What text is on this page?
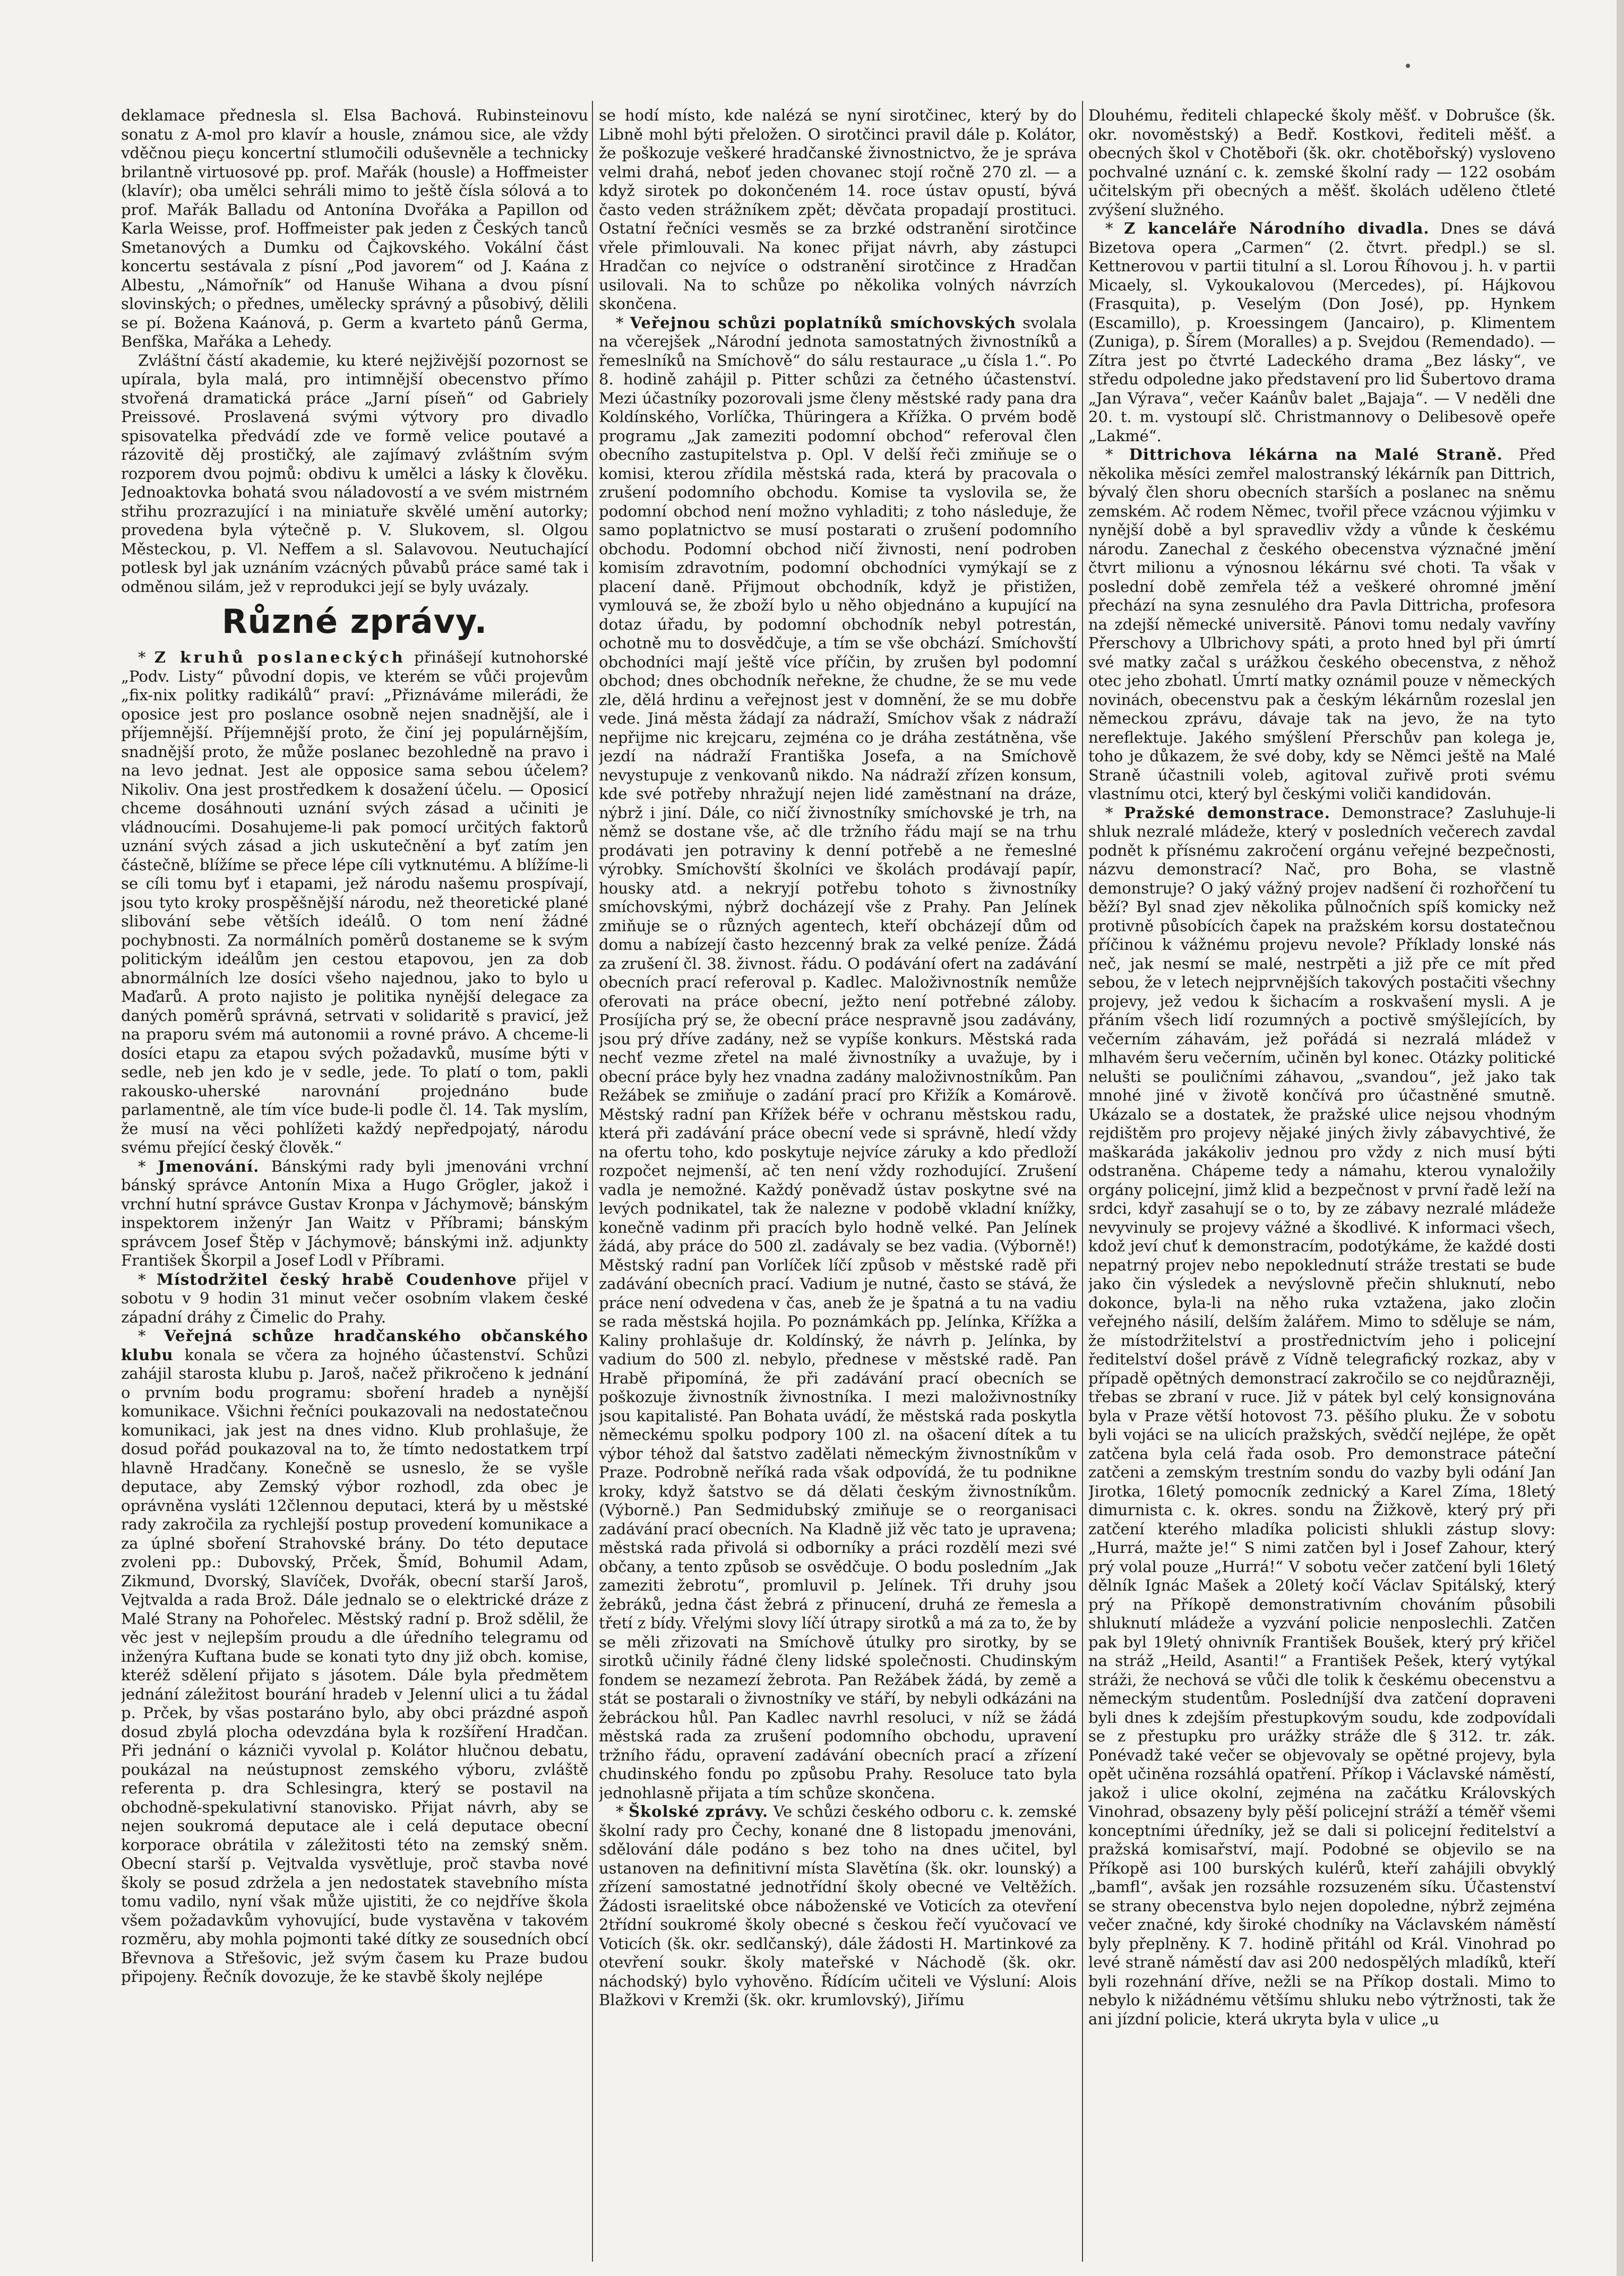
deklamace přednesla sl. Elsa Bachová. Rubinsteinovu sonatu z A-mol pro klavír a housle, známou sice, ale vždy vděčnou pieçu koncertní stlumočili oduševněle a technicky brilantně virtuosové pp. prof. Mařák (housle) a Hoffmeister (klavír); oba umělci sehráli mimo to ještě čísla sólová a to prof. Mařák Balladu od Antonína Dvořáka a Papillon od Karla Weisse, prof. Hoffmeister pak jeden z Českých tanců Smetanových a Dumku od Čajkovského. Vokální část koncertu sestávala z písní „Pod javorem“ od J. Kaána z Albestu, „Námořník“ od Hanuše Wihana a dvou písní slovinských; o přednes, umělecky správný a působivý, dělili se pí. Božena Kaánová, p. Germ a kvarteto pánů Germa, Benfška, Mařáka a Lehedy.

Zvláštní částí akademie, ku které nejživější pozornost se upírala, byla malá, pro intimnější obecenstvo přímo stvořená dramatická práce „Jarní píseň“ od Gabriely Preissové. Proslavená svými výtvory pro divadlo spisovatelka předvádí zde ve formě velice poutavé a rázovitě děj prostičký, ale zajímavý zvláštním svým rozporem dvou pojmů: obdivu k umělci a lásky k člověku. Jednoaktovka bohatá svou náladovostí a ve svém mistrném střihu prozrazující i na miniatuře skvělé umění autorky; provedena byla výtečně p. V. Slukovem, sl. Olgou Městeckou, p. Vl. Neffem a sl. Salavovou. Neutuchající potlesk byl jak uznáním vzácných půvabů práce samé tak i odměnou silám, jež v reprodukci její se byly uvázaly.

Různé zprávy.

* Z kruhů poslaneckých přinášejí kutnohorské „Podv. Listy“ původní dopis, ve kterém se vůči projevům „fix-nix politky radikálů“ praví: „Přiznáváme milerádi, že oposice jest pro poslance osobně nejen snadnější, ale i příjemnější. Příjemnější proto, že činí jej populárnějším, snadnější proto, že může poslanec bezohledně na pravo i na levo jednat. Jest ale opposice sama sebou účelem? Nikoliv. Ona jest prostředkem k dosažení účelu. — Oposicí chceme dosáhnouti uznání svých zásad a učiniti je vládnoucími. Dosahujeme-li pak pomocí určitých faktorů uznání svých zásad a jich uskutečnění a byť zatím jen částečně, blížíme se přece lépe cíli vytknutému. A blížíme-li se cíli tomu byť i etapami, jež národu našemu prospívají, jsou tyto kroky prospěšnější národu, než theoretické plané slibování sebe větších ideálů. O tom není žádné pochybnosti. Za normálních poměrů dostaneme se k svým politickým ideálům jen cestou etapovou, jen za dob abnormálních lze dosíci všeho najednou, jako to bylo u Maďarů. A proto najisto je politika nynější delegace za daných poměrů správná, setrvati v solidaritě s pravicí, jež na praporu svém má autonomii a rovné právo. A chceme-li dosíci etapu za etapou svých požadavků, musíme býti v sedle, neb jen kdo je v sedle, jede. To platí o tom, pakli rakousko-uherské narovnání projednáno bude parlamentně, ale tím více bude-li podle čl. 14. Tak myslím, že musí na věci pohlížeti každý nepředpojatý, národu svému přející český člověk.“

* Jmenování. Bánskými rady byli jmenováni vrchní bánský správce Antonín Mixa a Hugo Grögler, jakož i vrchní hutní správce Gustav Kronpa v Jáchymově; bánským inspektorem inženýr Jan Waitz v Příbrami; bánským správcem Josef Štěp v Jáchymově; bánskými inž. adjunkty František Škorpil a Josef Lodl v Příbrami.

* Místodržitel český hrabě Coudenhove přijel v sobotu v 9 hodin 31 minut večer osobním vlakem české západní dráhy z Čimelic do Prahy.

* Veřejná schůze hradčanského občanského klubu konala se včera za hojného účastenství. Schůzi zahájil starosta klubu p. Jaroš, načež přikročeno k jednání o prvním bodu programu: sboření hradeb a nynější komunikace. Všichni řečníci poukazovali na nedostatečnou komunikaci, jak jest na dnes vidno. Klub prohlašuje, že dosud pořád poukazoval na to, že tímto nedostatkem trpí hlavně Hradčany. Konečně se usneslo, že se vyšle deputace, aby Zemský výbor rozhodl, zda obec je oprávněna vysláti 12člennou deputaci, která by u městské rady zakročila za rychlejší postup provedení komunikace a za úplné sboření Strahovské brány. Do této deputace zvoleni pp.: Dubovský, Prček, Šmíd, Bohumil Adam, Zikmund, Dvorský, Slavíček, Dvořák, obecní starší Jaroš, Vejtvalda a rada Brož. Dále jednalo se o elektrické dráze z Malé Strany na Pohořelec. Městský radní p. Brož sdělil, že věc jest v nejlepším proudu a dle úředního telegramu od inženýra Kuftana bude se konati tyto dny již obch. komise, kteréž sdělení přijato s jásotem. Dále byla předmětem jednání záležitost bourání hradeb v Jelenní ulici a tu žádal p. Prček, by všas postaráno bylo, aby obci prázdné aspoň dosud zbylá plocha odevzdána byla k rozšíření Hradčan. Při jednání o kázniči vyvolal p. Kolátor hlučnou debatu, poukázal na neústupnost zemského výboru, zvláště referenta p. dra Schlesingra, který se postavil na obchodně-spekulativní stanovisko. Přijat návrh, aby se nejen soukromá deputace ale i celá deputace obecní korporace obrátila v záležitosti této na zemský sněm. Obecní starší p. Vejtvalda vysvětluje, proč stavba nové školy se posud zdržela a jen nedostatek stavebního místa tomu vadilo, nyní však může ujistiti, že co nejdříve škola všem požadavkům vyhovující, bude vystavěna v takovém rozměru, aby mohla pojmonti také dítky ze sousedních obcí Břevnova a Střešovic, jež svým časem ku Praze budou připojeny. Řečník dovozuje, že ke stavbě školy nejlépe

se hodí místo, kde nalézá se nyní sirotčinec, který by do Libně mohl býti přeložen. O sirotčinci pravil dále p. Kolátor, že poškozuje veškeré hradčanské živnostnictvo, že je správa velmi drahá, neboť jeden chovanec stojí ročně 270 zl. — a když sirotek po dokončeném 14. roce ústav opustí, bývá často veden strážníkem zpět; děvčata propadají prostituci. Ostatní řečníci vesměs se za brzké odstranění sirotčince vřele přimlouvali. Na konec přijat návrh, aby zástupci Hradčan co nejvíce o odstranění sirotčince z Hradčan usilovali. Na to schůze po několika volných návrzích skončena.

* Veřejnou schůzi poplatníků smíchovských svolala na včerejšek „Národní jednota samostatných živnostníků a řemeslníků na Smíchově“ do sálu restaurace „u čísla 1.“. Po 8. hodině zahájil p. Pitter schůzi za četného účastenství. Mezi účastníky pozorovali jsme členy městské rady pana dra Koldínského, Vorlíčka, Thüringera a Křížka. O prvém bodě programu „Jak zameziti podomní obchod“ referoval člen obecního zastupitelstva p. Opl. V delší řeči zmiňuje se o komisi, kterou zřídila městská rada, která by pracovala o zrušení podomního obchodu. Komise ta vyslovila se, že podomní obchod není možno vyhladiti; z toho následuje, že samo poplatnictvo se musí postarati o zrušení podomního obchodu. Podomní obchod ničí živnosti, není podroben komisím zdravotním, podomní obchodníci vymýkají se z placení daně. Přijmout obchodník, když je přistižen, vymlouvá se, že zboží bylo u něho objednáno a kupující na dotaz úřadu, by podomní obchodník nebyl potrestán, ochotně mu to dosvědčuje, a tím se vše obchází. Smíchovští obchodníci mají ještě více příčin, by zrušen byl podomní obchod; dnes obchodník neřekne, že chudne, že se mu vede zle, dělá hrdinu a veřejnost jest v domnění, že se mu dobře vede. Jiná města žádají za nádraží, Smíchov však z nádraží nepřijme nic krejcaru, zejména co je dráha zestátněna, vše jezdí na nádraží Františka Josefa, a na Smíchově nevystupuje z venkovanů nikdo. Na nádraží zřízen konsum, kde své potřeby nhražují nejen lidé zaměstnaní na dráze, nýbrž i jiní. Dále, co ničí živnostníky smíchovské je trh, na němž se dostane vše, ač dle tržního řádu mají se na trhu prodávati jen potraviny k denní potřebě a ne řemeslné výrobky. Smíchovští školníci ve školách prodávají papír, housky atd. a nekryjí potřebu tohoto s živnostníky smíchovskými, nýbrž docházejí vše z Prahy. Pan Jelínek zmiňuje se o různých agentech, kteří obcházejí dům od domu a nabízejí často hezcenný brak za velké peníze. Žádá za zrušení čl. 38. živnost. řádu. O podávání ofert na zadávání obecních prací referoval p. Kadlec. Maloživnostník nemůže oferovati na práce obecní, ježto není potřebné záloby. Prosíjícha prý se, že obecní práce nespravně jsou zadávány, jsou prý dříve zadány, než se vypíše konkurs. Městská rada nechť vezme zřetel na malé živnostníky a uvažuje, by i obecní práce byly hez vnadna zadány maloživnostníkům. Pan Režábek se zmiňuje o zadání prací pro Křižík a Komárově. Městský radní pan Křížek béře v ochranu městskou radu, která při zadávání práce obecní vede si správně, hledí vždy na ofertu toho, kdo poskytuje nejvíce záruky a kdo předloží rozpočet nejmenší, ač ten není vždy rozhodující. Zrušení vadla je nemožné. Každý poněvadž ústav poskytne své na levých podnikatel, tak že nalezne v podobě vkladní knížky, konečně vadinm při pracích bylo hodně velké. Pan Jelínek žádá, aby práce do 500 zl. zadávaly se bez vadia. (Výborně!) Městský radní pan Vorlíček líčí způsob v městské radě při zadávání obecních prací. Vadium je nutné, často se stává, že práce není odvedena v čas, aneb že je špatná a tu na vadiu se rada městská hojila. Po poznámkách pp. Jelínka, Křížka a Kaliny prohlašuje dr. Koldínský, že návrh p. Jelínka, by vadium do 500 zl. nebylo, přednese v městské radě. Pan Hrabě připomíná, že při zadávání prací obecních se poškozuje živnostník živnostníka. I mezi maloživnostníky jsou kapitalisté. Pan Bohata uvádí, že městská rada poskytla německému spolku podpory 100 zl. na ošacení dítek a tu výbor téhož dal šatstvo zadělati německým živnostníkům v Praze. Podrobně neříká rada však odpovídá, že tu podnikne kroky, když šatstvo se dá dělati českým živnostníkům. (Výborně.) Pan Sedmidubský zmiňuje se o reorganisaci zadávání prací obecních. Na Kladně již věc tato je upravena; městská rada přivolá si odborníky a práci rozdělí mezi své občany, a tento způsob se osvědčuje. O bodu posledním „Jak zameziti žebrotu“, promluvil p. Jelínek. Tři druhy jsou žebráků, jedna část žebrá z přinucení, druhá ze řemesla a třetí z bídy. Vřelými slovy líčí útrapy sirotků a má za to, že by se měli zřizovati na Smíchově útulky pro sirotky, by se sirotků učinily řádné členy lidské společnosti. Chudinským fondem se nezamezí žebrota. Pan Režábek žádá, by země a stát se postarali o živnostníky ve stáří, by nebyli odkázáni na žebráckou hůl. Pan Kadlec navrhl resoluci, v níž se žádá městská rada za zrušení podomního obchodu, upravení tržního řádu, opravení zadávání obecních prací a zřízení chudinského fondu po způsobu Prahy. Resoluce tato byla jednohlasně přijata a tím schůze skončena.

* Školské zprávy. Ve schůzi českého odboru c. k. zemské školní rady pro Čechy, konané dne 8 listopadu jmenováni, sdělování dále podáno s bez toho na dnes učitel, byl ustanoven na definitivní místa Slavětína (šk. okr. lounský) a zřízení samostatné jednotřídní školy obecné ve Veltěžích. Žádosti israelitské obce náboženské ve Voticích za otevření 2třídní soukromé školy obecné s českou řečí vyučovací ve Voticích (šk. okr. sedlčanský), dále žádosti H. Martinkové za otevření soukr. školy mateřské v Náchodě (šk. okr. náchodský) bylo vyhověno. Řídícím učiteli ve Výsluní: Alois Blažkovi v Kremži (šk. okr. krumlovský), Jiřímu

Dlouhému, řediteli chlapecké školy měšť. v Dobrušce (šk. okr. novoměstský) a Bedř. Kostkovi, řediteli měšť. a obecných škol v Chotěboři (šk. okr. chotěbořský) vysloveno pochvalné uznání c. k. zemské školní rady — 122 osobám učitelským při obecných a měšť. školách uděleno čtleté zvýšení služného.

* Z kanceláře Národního divadla. Dnes se dává Bizetova opera „Carmen“ (2. čtvrt. předpl.) se sl. Kettnerovou v partii titulní a sl. Lorou Říhovou j. h. v partii Micaely, sl. Vykoukalovou (Mercedes), pí. Hájkovou (Frasquita), p. Veselým (Don José), pp. Hynkem (Escamillo), p. Kroessingem (Jancairo), p. Klimentem (Zuniga), p. Šírem (Moralles) a p. Svejdou (Remendado). — Zítra jest po čtvrté Ladeckého drama „Bez lásky“, ve středu odpoledne jako představení pro lid Šubertovo drama „Jan Výrava“, večer Kaánův balet „Bajaja“. — V neděli dne 20. t. m. vystoupí slč. Christmannovy o Delibesově opeře „Lakmé“.

* Dittrichova lékárna na Malé Straně. Před několika měsíci zemřel malostranský lékárník pan Dittrich, bývalý člen shoru obecních starších a poslanec na sněmu zemském. Ač rodem Němec, tvořil přece vzácnou výjimku v nynější době a byl spravedliv vždy a vůnde k českému národu. Zanechal z českého obecenstva význačné jmění čtvrt milionu a výnosnou lékárnu své choti. Ta však v poslední době zemřela též a veškeré ohromné jmění přechází na syna zesnulého dra Pavla Dittricha, profesora na zdejší německé universitě. Pánovi tomu nedaly vavříny Přerschovy a Ulbrichovy spáti, a proto hned byl při úmrtí své matky začal s urážkou českého obecenstva, z něhož otec jeho zbohatl. Úmrtí matky oznámil pouze v německých novinách, obecenstvu pak a českým lékárnům rozeslal jen německou zprávu, dávaje tak na jevo, že na tyto nereflektuje. Jakého smýšlení Přerschův pan kolega je, toho je důkazem, že své doby, kdy se Němci ještě na Malé Straně účastnili voleb, agitoval zuřivě proti svému vlastnímu otci, který byl českými voliči kandidován.

* Pražské demonstrace. Demonstrace? Zasluhuje-li shluk nezralé mládeže, který v posledních večerech zavdal podnět k přísnému zakročení orgánu veřejné bezpečnosti, názvu demonstrací? Nač, pro Boha, se vlastně demonstruje? O jaký vážný projev nadšení či rozhořčení tu běží? Byl snad zjev několika půlnočních spíš komicky než protivně působících čapek na pražském korsu dostatečnou příčinou k vážnému projevu nevole? Příklady lonské nás neč, jak nesmí se malé, nestrpěti a již pře ce mít před sebou, že v letech nejprvnějších takových postačiti všechny projevy, jež vedou k šichacím a roskvašení mysli. A je přáním všech lidí rozumných a poctivě smýšlejících, by večerním záhavám, jež pořádá si nezralá mládež v mlhavém šeru večerním, učiněn byl konec. Otázky politické nelušti se pouličními záhavou, „svandou“, jež jako tak mnohé jiné v životě končívá pro účastněné smutně. Ukázalo se a dostatek, že pražské ulice nejsou vhodným rejdištěm pro projevy nějaké jiných živly zábavychtivé, že maškaráda jakákoliv jednou pro vždy z nich musí býti odstraněna. Chápeme tedy a námahu, kterou vynaložily orgány policejní, jimž klid a bezpečnost v první řadě leží na srdci, kdyř zasahují se o to, by ze zábavy nezralé mládeže nevyvinuly se projevy vážné a škodlivé. K informaci všech, kdož jeví chuť k demonstracím, podotýkáme, že každé dosti nepatrný projev nebo nepoklednutí stráže trestati se bude jako čin výsledek a nevýslovně přečin shluknutí, nebo dokonce, byla-li na něho ruka vztažena, jako zločin veřejného násilí, delším žalářem. Mimo to sděluje se nám, že místodržitelství a prostřednictvím jeho i policejní ředitelství došel právě z Vídně telegrafický rozkaz, aby v případě opětných demonstrací zakročilo se co nejdůrazněji, třebas se zbraní v ruce. Již v pátek byl celý konsignována byla v Praze větší hotovost 73. pěšího pluku. Že v sobotu byli vojáci se na ulicích pražských, svědčí nejlépe, že opět zatčena byla celá řada osob. Pro demonstrace páteční zatčeni a zemským trestním sondu do vazby byli odání Jan Jirotka, 16letý pomocník zednický a Karel Zíma, 18letý dimurnista c. k. okres. sondu na Žižkově, který prý při zatčení kterého mladíka policisti shlukli zástup slovy: „Hurrá, mažte je!“ S nimi zatčen byl i Josef Zahour, který prý volal pouze „Hurrá!“ V sobotu večer zatčení byli 16letý dělník Ignác Mašek a 20letý kočí Václav Spitálský, který prý na Příkopě demonstrativním chováním působili shluknutí mládeže a vyzvání policie nenposlechli. Zatčen pak byl 19letý ohnivník František Boušek, který prý křičel na stráž „Heild, Asanti!“ a František Pešek, který vytýkal stráži, že nechová se vůči dle tolik k českému obecenstvu a německým studentům. Posledníjší dva zatčení dopraveni byli dnes k zdejším přestupkovým soudu, kde zodpovídali se z přestupku pro urážky stráže dle § 312. tr. zák. Ponévadž také večer se objevovaly se opětné projevy, byla opět učiněna rozsáhlá opatření. Příkop i Václavské náměstí, jakož i ulice okolní, zejména na začátku Královských Vinohrad, obsazeny byly pěší policejní stráží a téměř všemi konceptními úředníky, jež se dali si policejní ředitelství a pražská komisařství, mají. Podobné se objevilo se na Příkopě asi 100 burských kulérů, kteří zahájili obvyklý „bamfl“, avšak jen rozsáhle rozsuzeném síku. Účastenství se strany obecenstva bylo nejen dopoledne, nýbrž zejména večer značné, kdy široké chodníky na Václavském náměstí byly přeplněny. K 7. hodině přitáhl od Král. Vinohrad po levé straně náměstí dav asi 200 nedospělých mladíků, kteří byli rozehnání dříve, nežli se na Příkop dostali. Mimo to nebylo k nižádnému většímu shluku nebo výtržnosti, tak že ani jízdní policie, která ukryta byla v ulice „u
